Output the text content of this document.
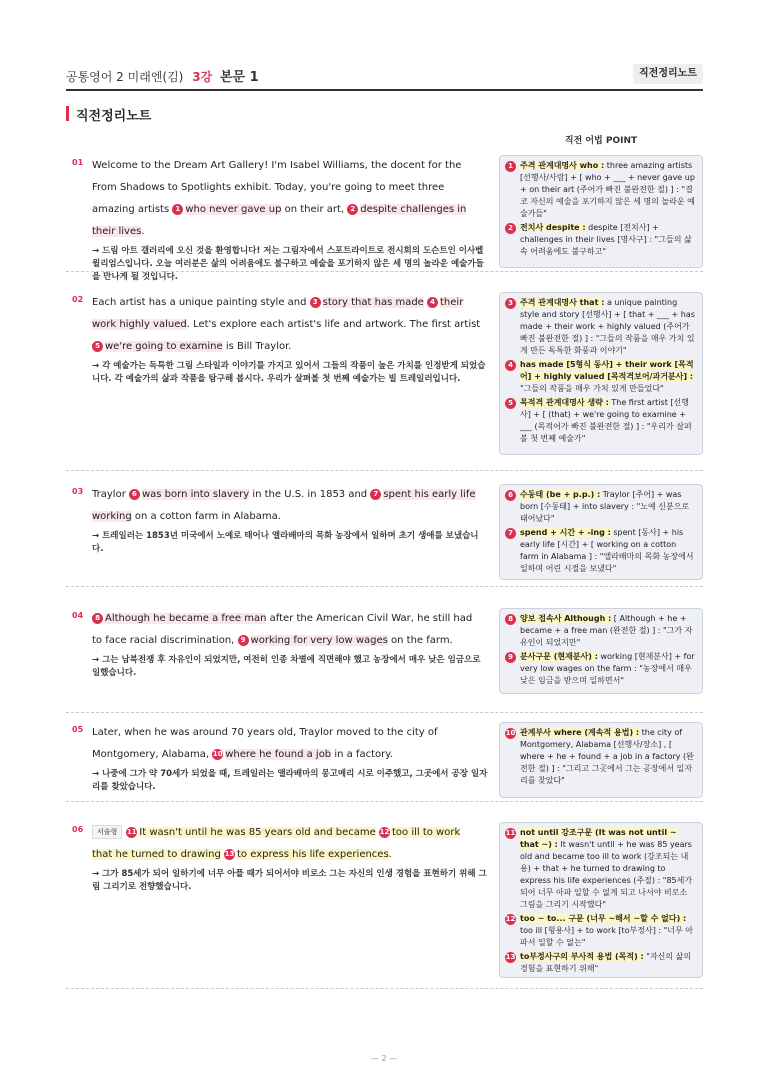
공통영어 2 미래엔(김) 3강 본문 1	직전정리노트
직전정리노트
직전 어법 POINT
01 Welcome to the Dream Art Gallery! I'm Isabel Williams, the docent for the From Shadows to Spotlights exhibit. Today, you're going to meet three amazing artists 1 who never gave up on their art, 2 despite challenges in their lives.
→ 드림 아트 갤러리에 오신 것을 환영합니다! 저는 그림자에서 스포트라이트로 전시회의 도슨트인 이사벨 윌리엄스입니다. 오늘 여러분은 삶의 어려움에도 불구하고 예술을 포기하지 않은 세 명의 놀라운 예술가들을 만나게 될 것입니다.
1 주격 관계대명사 who : three amazing artists [선행사/사람] + [ who + ___ + never gave up + on their art (주어가 빠진 불완전한 절) ] : "결코 자신의 예술을 포기하지 않은 세 명의 놀라운 예술가들"
2 전치사 despite : despite [전치사] + challenges in their lives [명사구] : "그들의 삶 속 어려움에도 불구하고"
02 Each artist has a unique painting style and 3 story that has made 4 their work highly valued. Let's explore each artist's life and artwork. The first artist 5 we're going to examine is Bill Traylor.
→ 각 예술가는 독특한 그림 스타일과 이야기를 가지고 있어서 그들의 작품이 높은 가치를 인정받게 되었습니다. 각 예술가의 삶과 작품을 탐구해 봅시다. 우리가 살펴볼 첫 번째 예술가는 빌 트레일러입니다.
3 주격 관계대명사 that : a unique painting style and story [선행사] + [ that + ___ + has made + their work + highly valued (주어가 빠진 불완전한 절) ] : "그들의 작품을 매우 가치 있게 만든 독특한 화풍과 이야기"
4 has made [5형식 동사] + their work [목적어] + highly valued [목적격보어/과거분사] : "그들의 작품을 매우 가치 있게 만들었다"
5 목적격 관계대명사 생략 : The first artist [선행사] + [ (that) + we're going to examine + ___ (목적어가 빠진 불완전한 절) ] : "우리가 살펴볼 첫 번째 예술가"
03 Traylor 6 was born into slavery in the U.S. in 1853 and 7 spent his early life working on a cotton farm in Alabama.
→ 트레일러는 1853년 미국에서 노예로 태어나 앨라배마의 목화 농장에서 일하며 초기 생애를 보냈습니다.
6 수동태 (be + p.p.) : Traylor [주어] + was born [수동태] + into slavery : "노예 신분으로 태어났다"
7 spend + 시간 + -ing : spent [동사] + his early life [시간] + [ working on a cotton farm in Alabama ] : "앨라배마의 목화 농장에서 일하며 어린 시절을 보냈다"
04	8 Although he became a free man after the American Civil War, he still had to face racial discrimination, 9 working for very low wages on the farm.
→ 그는 남북전쟁 후 자유인이 되었지만, 여전히 인종 차별에 직면해야 했고 농장에서 매우 낮은 임금으로 일했습니다.
8 양보 접속사 Although : [ Although + he + became + a free man (완전한 절) ] : "그가 자유인이 되었지만"
9 분사구문 (현재분사) : working [현재분사] + for very low wages on the farm : "농장에서 매우 낮은 임금을 받으며 일하면서"
05 Later, when he was around 70 years old, Traylor moved to the city of Montgomery, Alabama, 10 where he found a job in a factory.
→ 나중에 그가 약 70세가 되었을 때, 트레일러는 앨라배마의 몽고메리 시로 이주했고, 그곳에서 공장 일자리를 찾았습니다.
10 관계부사 where (계속적 용법) : the city of Montgomery, Alabama [선행사/장소] , [ where + he + found + a job in a factory (완전한 절) ] : "그리고 그곳에서 그는 공장에서 일자리를 찾았다"
06	서술형 11 It wasn't until he was 85 years old and became 12 too ill to work that he turned to drawing 13 to express his life experiences.
→ 그가 85세가 되어 일하기에 너무 아플 때가 되어서야 비로소 그는 자신의 인생 경험을 표현하기 위해 그림 그리기로 전향했습니다.
11 not until 강조구문 (It was not until ~ that ~) : It wasn't until + he was 85 years old and became too ill to work (강조되는 내용) + that + he turned to drawing to express his life experiences (주절) : "85세가 되어 너무 아파 일할 수 없게 되고 나서야 비로소 그림을 그리기 시작했다"
12 too ~ to... 구문 (너무 ~해서 ~할 수 없다) : too ill [형용사] + to work [to부정사] : "너무 아파서 일할 수 없는"
13 to부정사구의 부사적 용법 (목적) : "자신의 삶의 경험을 표현하기 위해"
— 2 —
